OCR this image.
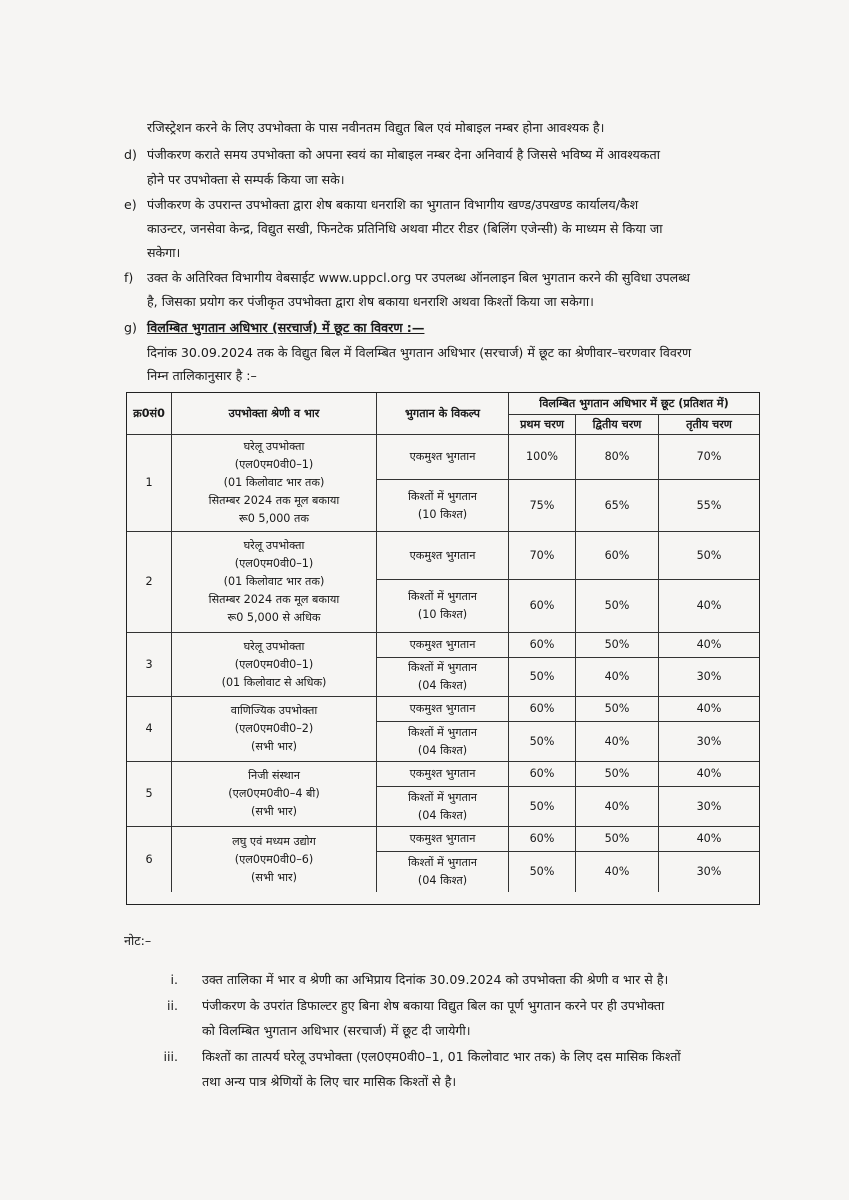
रजिस्ट्रेशन करने के लिए उपभोक्ता के पास नवीनतम विद्युत बिल एवं मोबाइल नम्बर होना आवश्यक है।
d) पंजीकरण कराते समय उपभोक्ता को अपना स्वयं का मोबाइल नम्बर देना अनिवार्य है जिससे भविष्य में आवश्यकता
होने पर उपभोक्ता से सम्पर्क किया जा सके।
e) पंजीकरण के उपरान्त उपभोक्ता द्वारा शेष बकाया धनराशि का भुगतान विभागीय खण्ड/उपखण्ड कार्यालय/कैश
काउन्टर, जनसेवा केन्द्र, विद्युत सखी, फिनटेक प्रतिनिधि अथवा मीटर रीडर (बिलिंग एजेन्सी) के माध्यम से किया जा
सकेगा।
f) उक्त के अतिरिक्त विभागीय वेबसाईट www.uppcl.org पर उपलब्ध ऑनलाइन बिल भुगतान करने की सुविधा उपलब्ध
है, जिसका प्रयोग कर पंजीकृत उपभोक्ता द्वारा शेष बकाया धनराशि अथवा किश्तों किया जा सकेगा।
g) विलम्बित भुगतान अधिभार (सरचार्ज) में छूट का विवरण :—
दिनांक 30.09.2024 तक के विद्युत बिल में विलम्बित भुगतान अधिभार (सरचार्ज) में छूट का श्रेणीवार–चरणवार विवरण
निम्न तालिकानुसार है :–
क्र0सं0	उपभोक्ता श्रेणी व भार	भुगतान के विकल्प
विलम्बित भुगतान अधिभार में छूट (प्रतिशत में)
प्रथम चरण	द्वितीय चरण	तृतीय चरण
1
घरेलू उपभोक्ता
(एल0एम0वी0–1)
(01 किलोवाट भार तक)
सितम्बर 2024 तक मूल बकाया
रू0 5,000 तक
एकमुश्त भुगतान	100%	80%	70%
किश्तों में भुगतान
(10 किश्त)
75%	65%	55%
2
घरेलू उपभोक्ता
(एल0एम0वी0–1)
(01 किलोवाट भार तक)
सितम्बर 2024 तक मूल बकाया
रू0 5,000 से अधिक
एकमुश्त भुगतान	70%	60%	50%
किश्तों में भुगतान
(10 किश्त)
60%	50%	40%
3
घरेलू उपभोक्ता
(एल0एम0वी0–1)
(01 किलोवाट से अधिक)
एकमुश्त भुगतान	60%	50%	40%
किश्तों में भुगतान
(04 किश्त)
50%	40%	30%
4
वाणिज्यिक उपभोक्ता
(एल0एम0वी0–2)
(सभी भार)
एकमुश्त भुगतान	60%	50%	40%
किश्तों में भुगतान
(04 किश्त)
50%	40%	30%
5
निजी संस्थान
(एल0एम0वी0–4 बी)
(सभी भार)
एकमुश्त भुगतान	60%	50%	40%
किश्तों में भुगतान
(04 किश्त)
50%	40%	30%
6
लघु एवं मध्यम उद्योग
(एल0एम0वी0–6)
(सभी भार)
एकमुश्त भुगतान	60%	50%	40%
किश्तों में भुगतान
(04 किश्त)
50%	40%	30%
नोट:–
i. उक्त तालिका में भार व श्रेणी का अभिप्राय दिनांक 30.09.2024 को उपभोक्ता की श्रेणी व भार से है।
ii. पंजीकरण के उपरांत डिफाल्टर हुए बिना शेष बकाया विद्युत बिल का पूर्ण भुगतान करने पर ही उपभोक्ता
को विलम्बित भुगतान अधिभार (सरचार्ज) में छूट दी जायेगी।
iii. किश्तों का तात्पर्य घरेलू उपभोक्ता (एल0एम0वी0–1, 01 किलोवाट भार तक) के लिए दस मासिक किश्तों
तथा अन्य पात्र श्रेणियों के लिए चार मासिक किश्तों से है।
